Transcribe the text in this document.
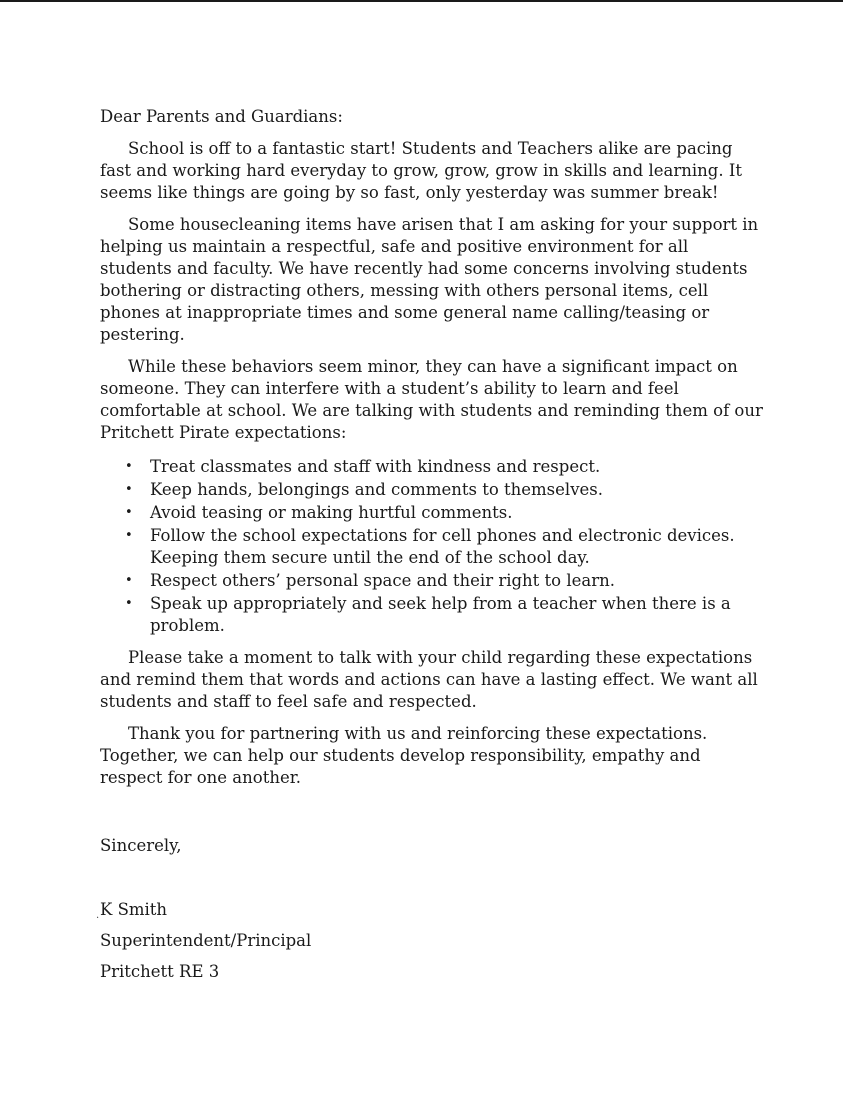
Dear Parents and Guardians:

School is off to a fantastic start! Students and Teachers alike are pacing fast and working hard everyday to grow, grow, grow in skills and learning. It seems like things are going by so fast, only yesterday was summer break!

Some housecleaning items have arisen that I am asking for your support in helping us maintain a respectful, safe and positive environment for all students and faculty. We have recently had some concerns involving students bothering or distracting others, messing with others personal items, cell phones at inappropriate times and some general name calling/teasing or pestering.

While these behaviors seem minor, they can have a significant impact on someone. They can interfere with a student’s ability to learn and feel comfortable at school. We are talking with students and reminding them of our Pritchett Pirate expectations:

• Treat classmates and staff with kindness and respect.
• Keep hands, belongings and comments to themselves.
• Avoid teasing or making hurtful comments.
• Follow the school expectations for cell phones and electronic devices. Keeping them secure until the end of the school day.
• Respect others’ personal space and their right to learn.
• Speak up appropriately and seek help from a teacher when there is a problem.

Please take a moment to talk with your child regarding these expectations and remind them that words and actions can have a lasting effect. We want all students and staff to feel safe and respected.

Thank you for partnering with us and reinforcing these expectations. Together, we can help our students develop responsibility, empathy and respect for one another.

Sincerely,
. K Smith
Superintendent/Principal
Pritchett RE 3
